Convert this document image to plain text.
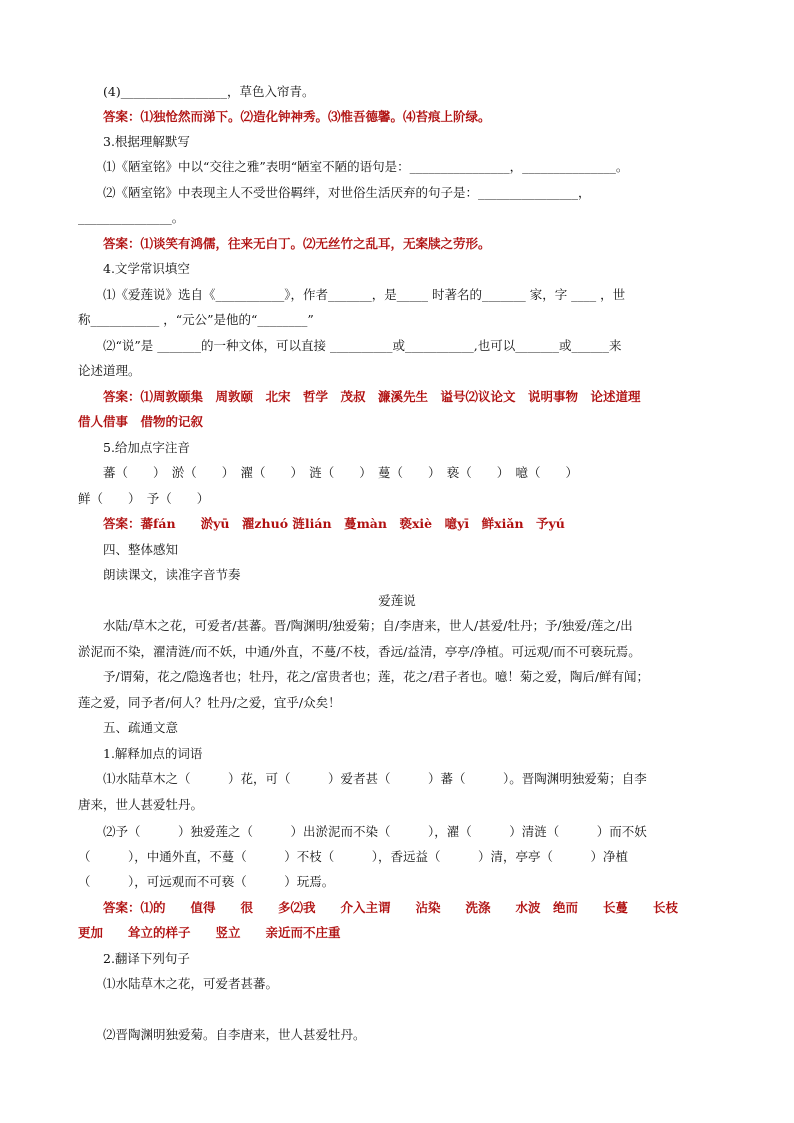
(4)_________________，草色入帘青。
答案：⑴独怆然而涕下。⑵造化钟神秀。⑶惟吾德馨。⑷苔痕上阶绿。
3.根据理解默写
⑴《陋室铭》中以“交往之雅”表明“陋室不陋的语句是：________________，_______________。
⑵《陋室铭》中表现主人不受世俗羁绊，对世俗生活厌弃的句子是：________________，
_______________。
答案：⑴谈笑有鸿儒，往来无白丁。⑵无丝竹之乱耳，无案牍之劳形。
4.文学常识填空
⑴《爱莲说》选自《___________》，作者_______，是_____ 时著名的_______ 家，字 ____ ，世
称___________ ，“元公”是他的“________”
⑵“说”是 _______的一种文体，可以直接 __________或___________,也可以_______或______来
论述道理。
答案：⑴周敦颐集　周敦颐　北宋　哲学　茂叔　濂溪先生　谥号⑵议论文　说明事物　论述道理
借人借事　借物的记叙
5.给加点字注音
蕃（　　）　淤（　　）　濯（　　）　涟（　　）　蔓（　　）　亵（　　）　噫（　　）
鲜（　　）　予（　　）
答案：蕃fán　　淤yū　濯zhuó 涟lián　蔓màn　亵xiè　噫yī　鲜xiǎn　予yú
四、整体感知
朗读课文，读准字音节奏
爱莲说
水陆/草木之花，可爱者/甚蕃。晋/陶渊明/独爱菊；自/李唐来，世人/甚爱/牡丹；予/独爱/莲之/出
淤泥而不染，濯清涟/而不妖，中通/外直，不蔓/不枝，香远/益清，亭亭/净植。可远观/而不可亵玩焉。
予/谓菊，花之/隐逸者也；牡丹，花之/富贵者也；莲，花之/君子者也。噫！菊之爱，陶后/鲜有闻；
莲之爱，同予者/何人？牡丹/之爱，宜乎/众矣！
五、疏通文意
1.解释加点的词语
⑴水陆草木之（　　　）花，可（　　　）爱者甚（　　　）蕃（　　　）。晋陶渊明独爱菊；自李
唐来，世人甚爱牡丹。
⑵予（　　　）独爱莲之（　　　）出淤泥而不染（　　　），濯（　　　）清涟（　　　）而不妖
（　　　），中通外直，不蔓（　　　）不枝（　　　），香远益（　　　）清，亭亭（　　　）净植
（　　　），可远观而不可亵（　　　）玩焉。
答案：⑴的　　值得　　很　　多⑵我　　介入主谓　　沾染　　洗涤　　水波　绝而　　长蔓　　长枝
更加　　耸立的样子　　竖立　　亲近而不庄重
2.翻译下列句子
⑴水陆草木之花，可爱者甚蕃。
⑵晋陶渊明独爱菊。自李唐来，世人甚爱牡丹。
